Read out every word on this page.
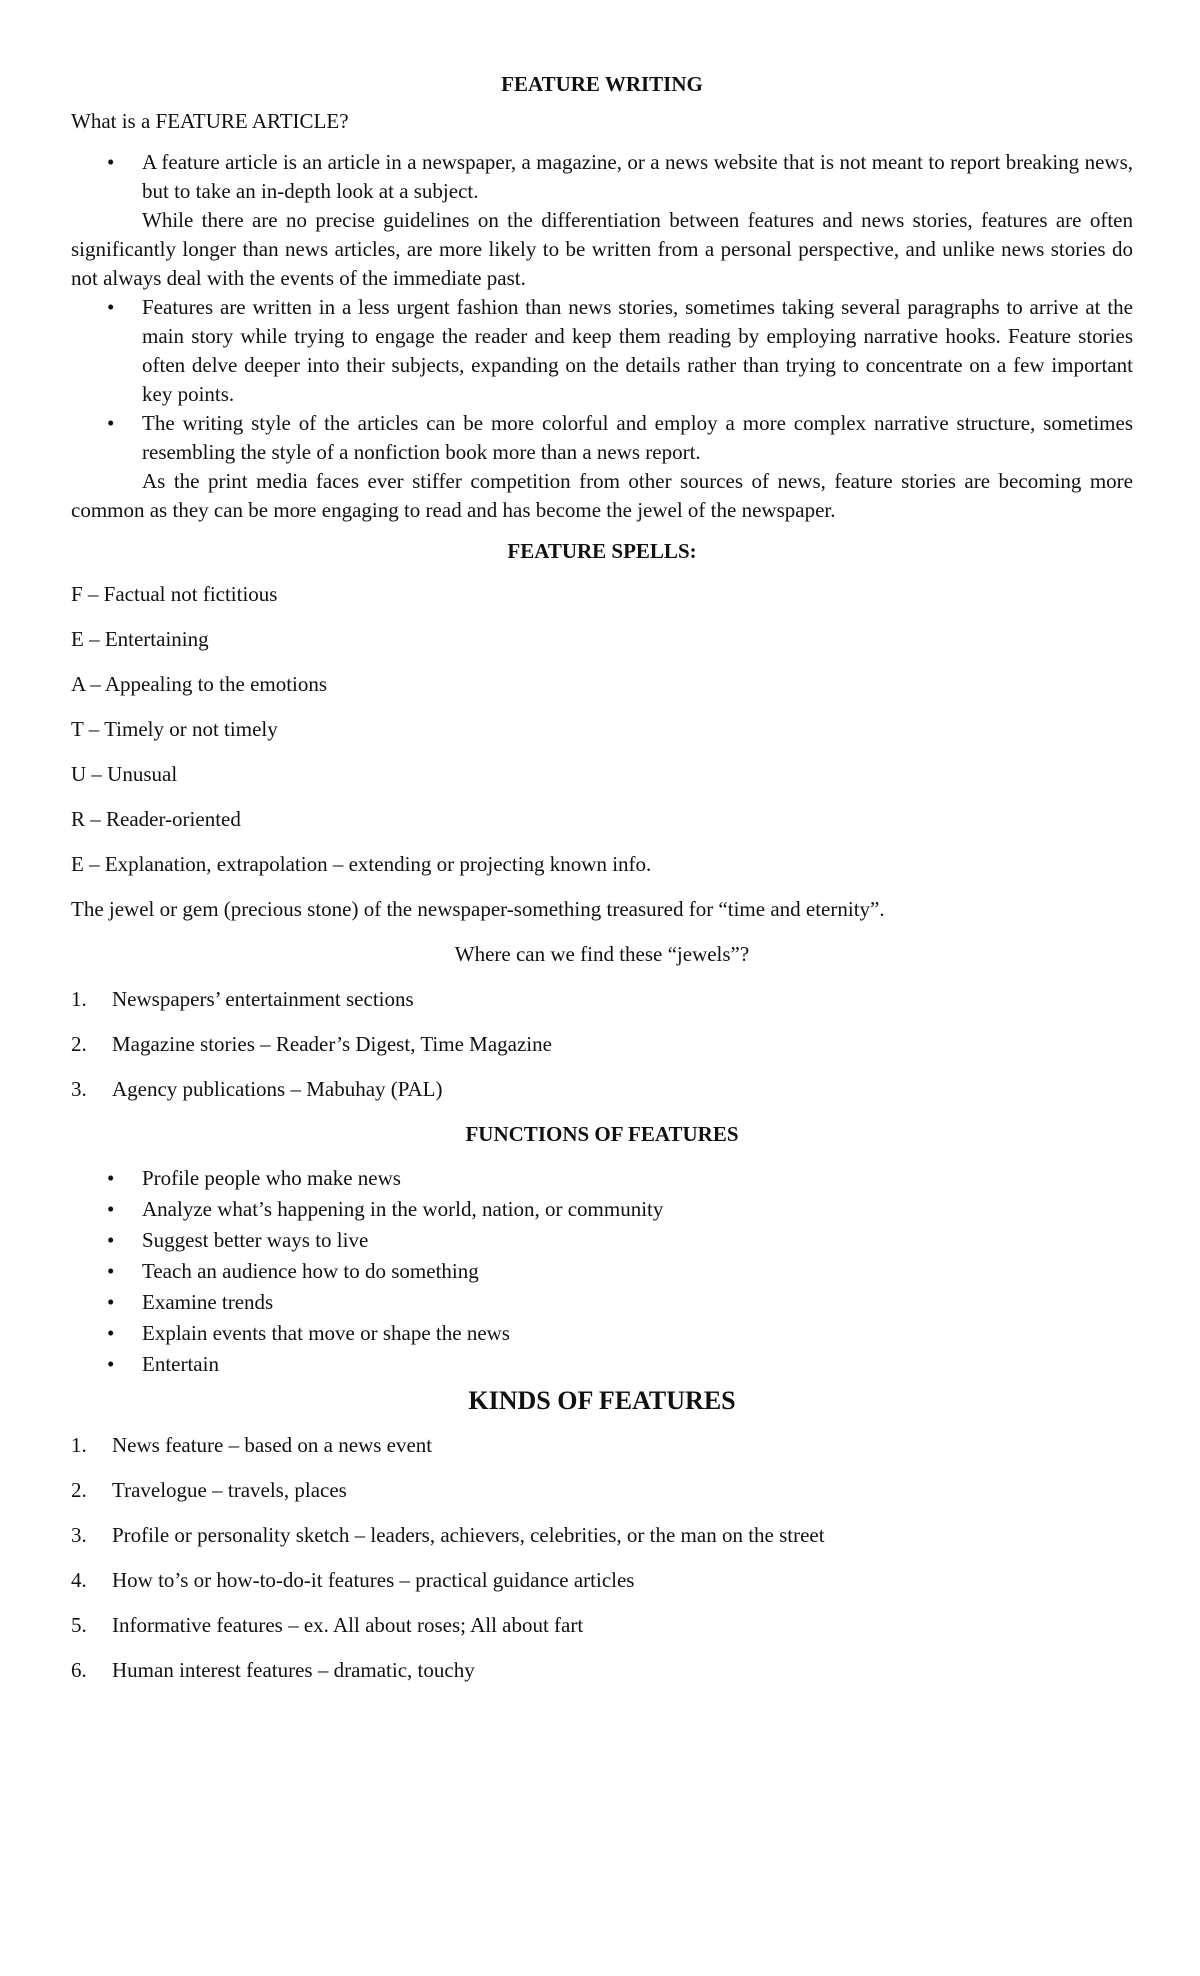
FEATURE WRITING
What is a FEATURE ARTICLE?
• A feature article is an article in a newspaper, a magazine, or a news website that is not meant to report breaking news, but to take an in-depth look at a subject.

While there are no precise guidelines on the differentiation between features and news stories, features are often significantly longer than news articles, are more likely to be written from a personal perspective, and unlike news stories do not always deal with the events of the immediate past.

• Features are written in a less urgent fashion than news stories, sometimes taking several paragraphs to arrive at the main story while trying to engage the reader and keep them reading by employing narrative hooks. Feature stories often delve deeper into their subjects, expanding on the details rather than trying to concentrate on a few important key points.
• The writing style of the articles can be more colorful and employ a more complex narrative structure, sometimes resembling the style of a nonfiction book more than a news report.

As the print media faces ever stiffer competition from other sources of news, feature stories are becoming more common as they can be more engaging to read and has become the jewel of the newspaper.

FEATURE SPELLS:
F – Factual not fictitious
E – Entertaining
A – Appealing to the emotions
T – Timely or not timely
U – Unusual
R – Reader-oriented
E – Explanation, extrapolation – extending or projecting known info.
The jewel or gem (precious stone) of the newspaper-something treasured for “time and eternity”.
Where can we find these “jewels”?
1. Newspapers’ entertainment sections
2. Magazine stories – Reader’s Digest, Time Magazine
3. Agency publications – Mabuhay (PAL)
FUNCTIONS OF FEATURES
• Profile people who make news
• Analyze what’s happening in the world, nation, or community
• Suggest better ways to live
• Teach an audience how to do something
• Examine trends
• Explain events that move or shape the news
• Entertain
KINDS OF FEATURES
1. News feature – based on a news event
2. Travelogue – travels, places
3. Profile or personality sketch – leaders, achievers, celebrities, or the man on the street
4. How to’s or how-to-do-it features – practical guidance articles
5. Informative features – ex. All about roses; All about fart
6. Human interest features – dramatic, touchy
